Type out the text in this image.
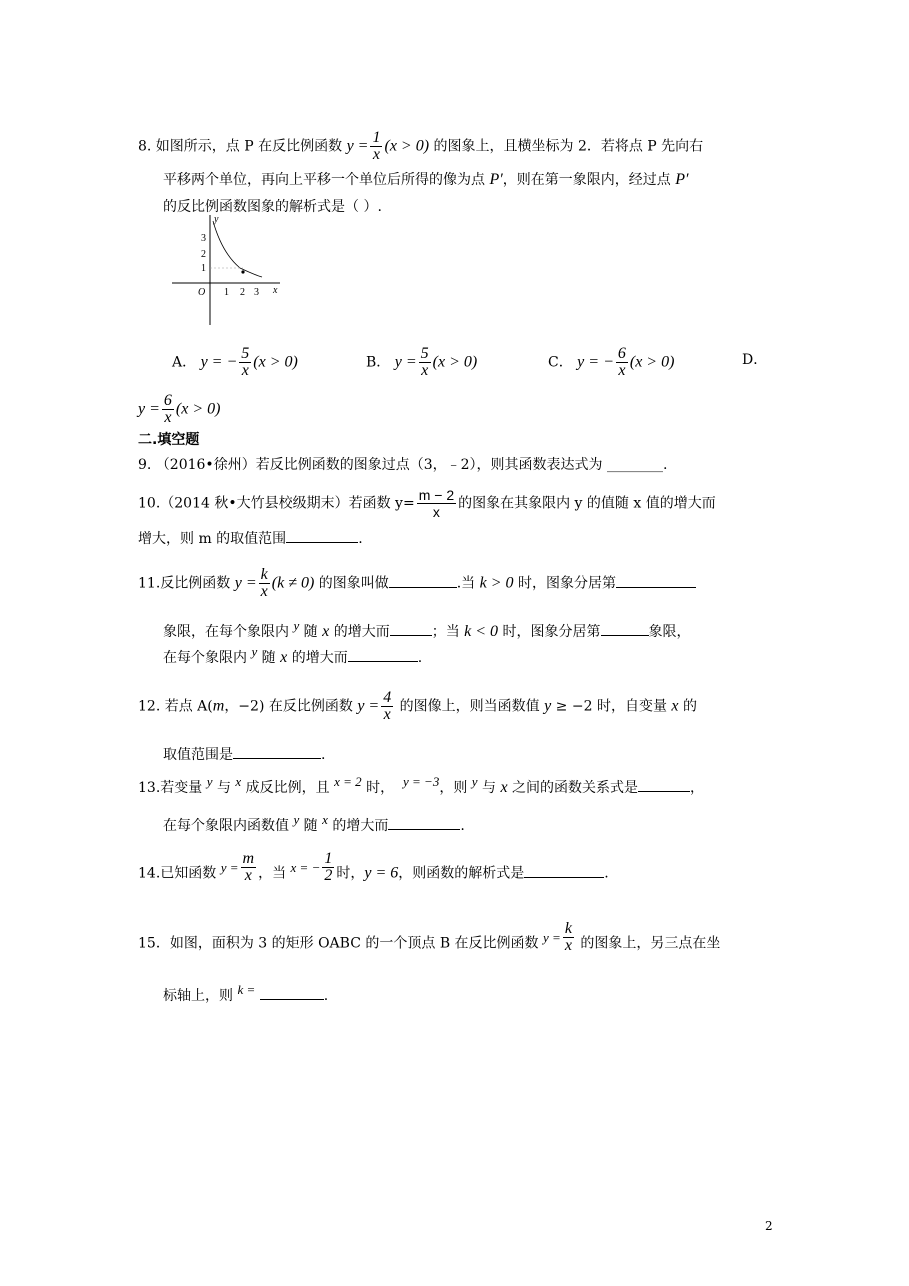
8. 如图所示，点 P 在反比例函数 $y = \frac{1}{x} (x > 0)$ 的图象上，且横坐标为 2．若将点 P 先向右
平移两个单位，再向上平移一个单位后所得的像为点 P′，则在第一象限内，经过点 P′
的反比例函数图象的解析式是（ ）.
y
x
3
2
1
O 1 2 3
A． y = − $\frac{5}{x} (x > 0)$	B． $y = \frac{5}{x} (x > 0)$	C． y = − $\frac{6}{x} (x > 0)$	D．
$y = \frac{6}{x} (x > 0)$
二.填空题
9. （2016•徐州）若反比例函数的图象过点（3，﹣2），则其函数表达式为 ________.
10.（2014 秋•大竹县校级期末）若函数 $y= \frac{m - 2}{x}$ 的图象在其象限内 y 的值随 x 值的增大而
增大，则 m 的取值范围	.
11.反比例函数 $y = \frac{k}{x} (k \ne 0)$ 的图象叫做	.当 k > 0 时，图象分居第
象限，在每个象限内 y 随 x 的增大而	；当 k < 0 时，图象分居第	象限，
在每个象限内 y 随 x 的增大而	.
12. 若点 A(m，−2) 在反比例函数 $y = \frac{4}{x}$ 的图像上，则当函数值 y ≥ −2 时，自变量 x 的
取值范围是	.
13.若变量 y 与 x 成反比例，且 x = 2 时， y = −3，则 y 与 x 之间的函数关系式是	，
在每个象限内函数值 y 随 x 的增大而	.
14.已知函数 $y = \frac{m}{x}$ ，当 x = − $\frac{1}{2}$ 时，y = 6，则函数的解析式是	.
15．如图，面积为 3 的矩形 OABC 的一个顶点 B 在反比例函数 $y = \frac{k}{x}$ 的图象上，另三点在坐
标轴上，则 k =	.
2
